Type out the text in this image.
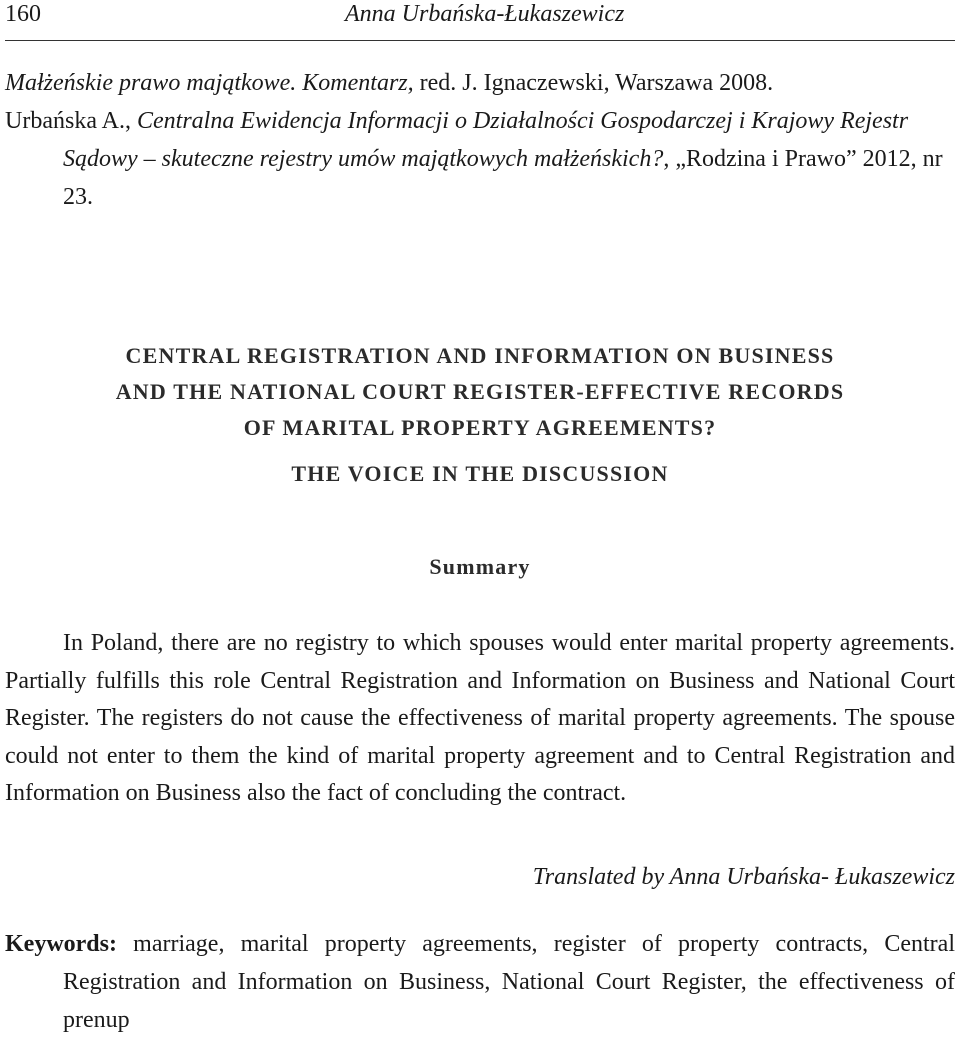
160	Anna Urbańska-Łukaszewicz
Małżeńskie prawo majątkowe. Komentarz, red. J. Ignaczewski, Warszawa 2008.
Urbańska A., Centralna Ewidencja Informacji o Działalności Gospodarczej i Krajowy Rejestr Sądowy – skuteczne rejestry umów majątkowych małżeńskich?, „Rodzina i Prawo” 2012, nr 23.
CENTRAL REGISTRATION AND INFORMATION ON BUSINESS
AND THE NATIONAL COURT REGISTER-EFFECTIVE RECORDS
OF MARITAL PROPERTY AGREEMENTS?
THE VOICE IN THE DISCUSSION
Summary
In Poland, there are no registry to which spouses would enter marital property agreements. Partially fulfills this role Central Registration and Information on Business and National Court Register. The registers do not cause the effectiveness of marital property agreements. The spouse could not enter to them the kind of marital property agreement and to Central Registration and Information on Business also the fact of concluding the contract.
Translated by Anna Urbańska- Łukaszewicz
Keywords: marriage, marital property agreements, register of property contracts, Central Registration and Information on Business, National Court Register, the effectiveness of prenup
